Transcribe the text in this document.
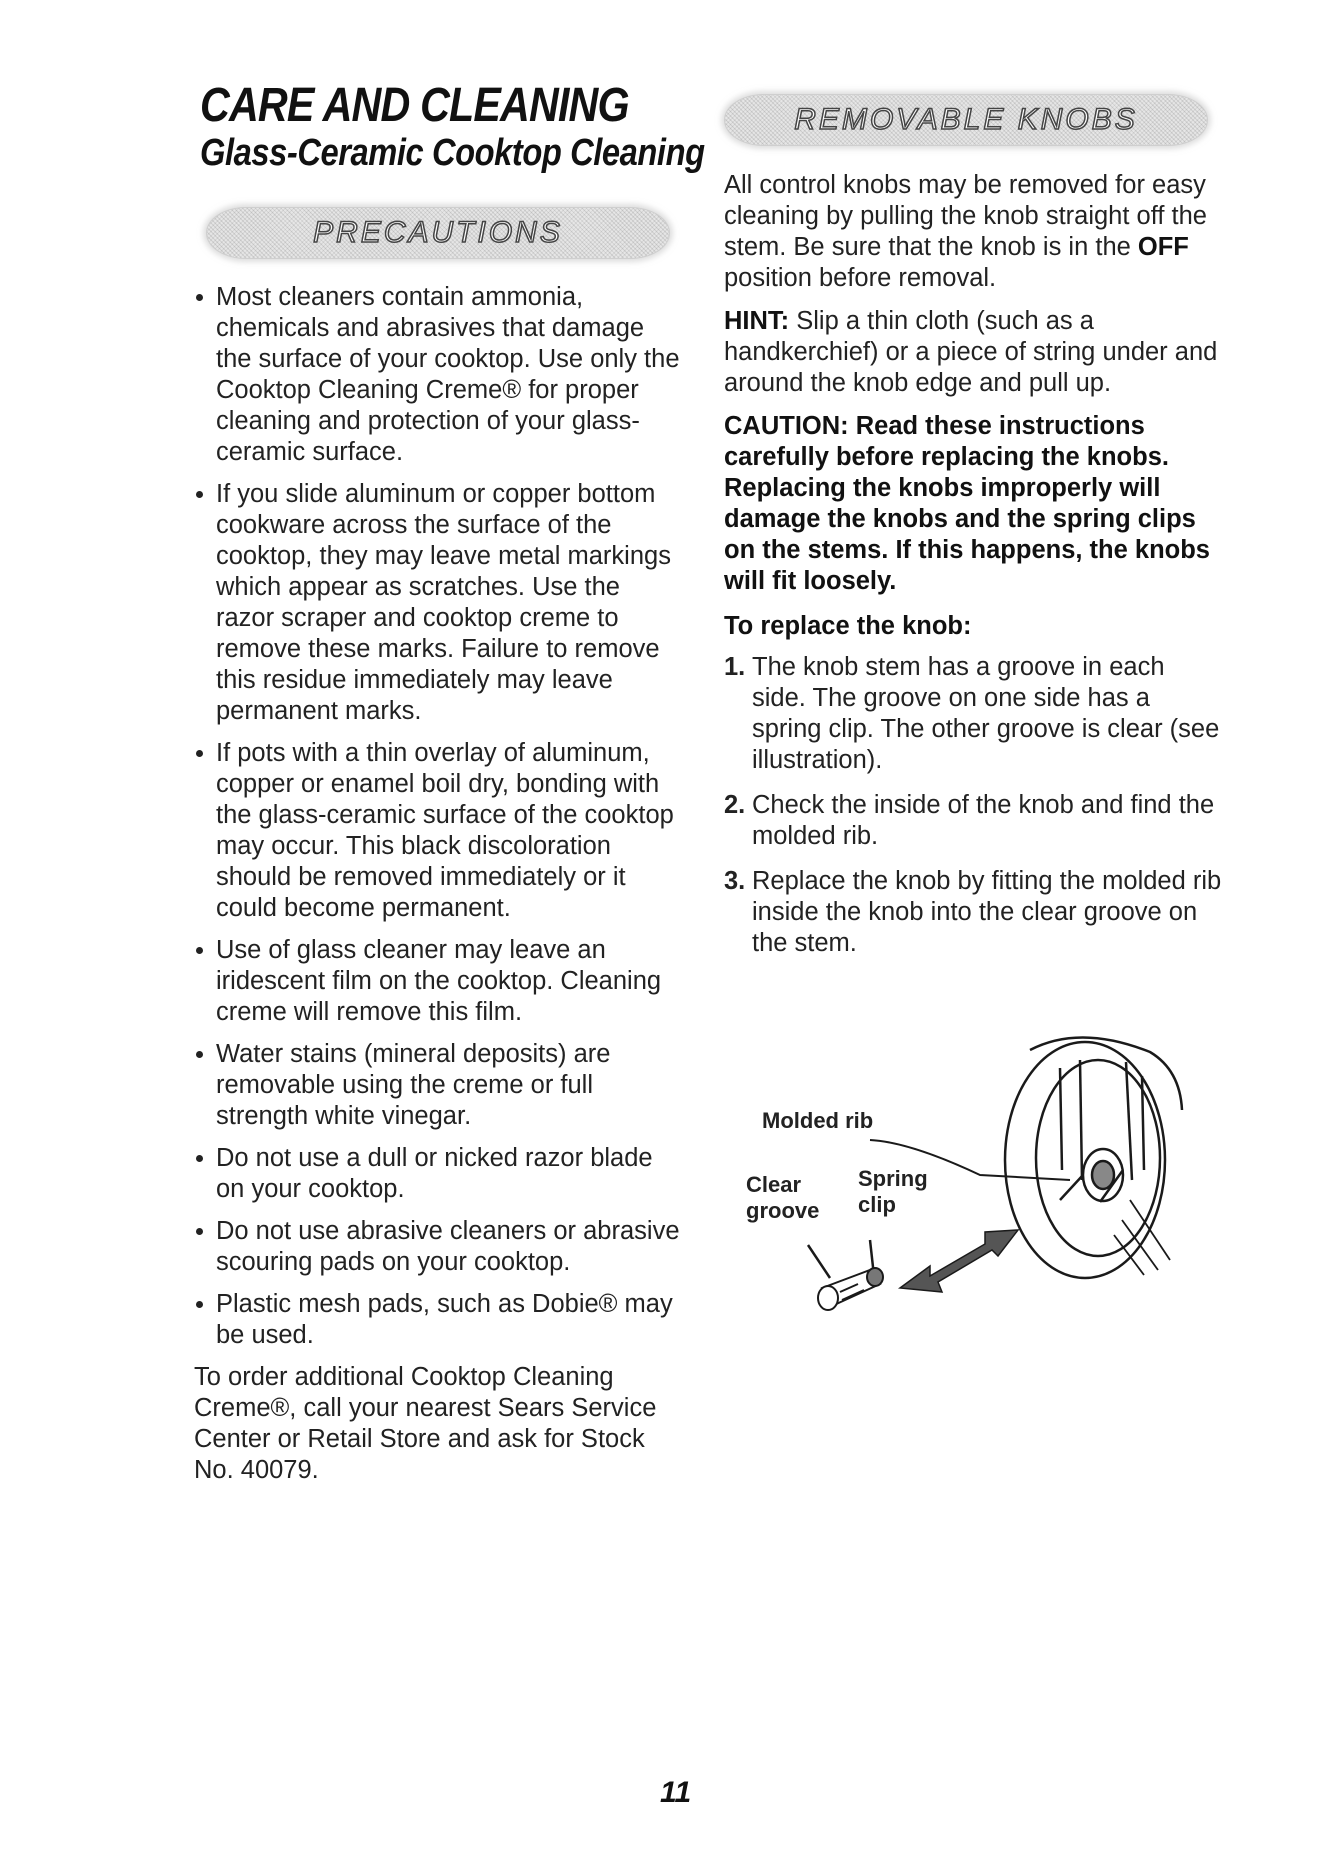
CARE AND CLEANING
Glass-Ceramic Cooktop Cleaning
PRECAUTIONS
Most cleaners contain ammonia, chemicals and abrasives that damage the surface of your cooktop. Use only the Cooktop Cleaning Creme® for proper cleaning and protection of your glass-ceramic surface.
If you slide aluminum or copper bottom cookware across the surface of the cooktop, they may leave metal markings which appear as scratches. Use the razor scraper and cooktop creme to remove these marks. Failure to remove this residue immediately may leave permanent marks.
If pots with a thin overlay of aluminum, copper or enamel boil dry, bonding with the glass-ceramic surface of the cooktop may occur. This black discoloration should be removed immediately or it could become permanent.
Use of glass cleaner may leave an iridescent film on the cooktop. Cleaning creme will remove this film.
Water stains (mineral deposits) are removable using the creme or full strength white vinegar.
Do not use a dull or nicked razor blade on your cooktop.
Do not use abrasive cleaners or abrasive scouring pads on your cooktop.
Plastic mesh pads, such as Dobie® may be used.

To order additional Cooktop Cleaning Creme®, call your nearest Sears Service Center or Retail Store and ask for Stock No. 40079.

REMOVABLE KNOBS

All control knobs may be removed for easy cleaning by pulling the knob straight off the stem. Be sure that the knob is in the OFF position before removal.

HINT: Slip a thin cloth (such as a handkerchief) or a piece of string under and around the knob edge and pull up.

CAUTION: Read these instructions carefully before replacing the knobs. Replacing the knobs improperly will damage the knobs and the spring clips on the stems. If this happens, the knobs will fit loosely.

To replace the knob:

1. The knob stem has a groove in each side. The groove on one side has a spring clip. The other groove is clear (see illustration).
2. Check the inside of the knob and find the molded rib.
3. Replace the knob by fitting the molded rib inside the knob into the clear groove on the stem.
Molded rib
Clear groove
Spring clip
11
